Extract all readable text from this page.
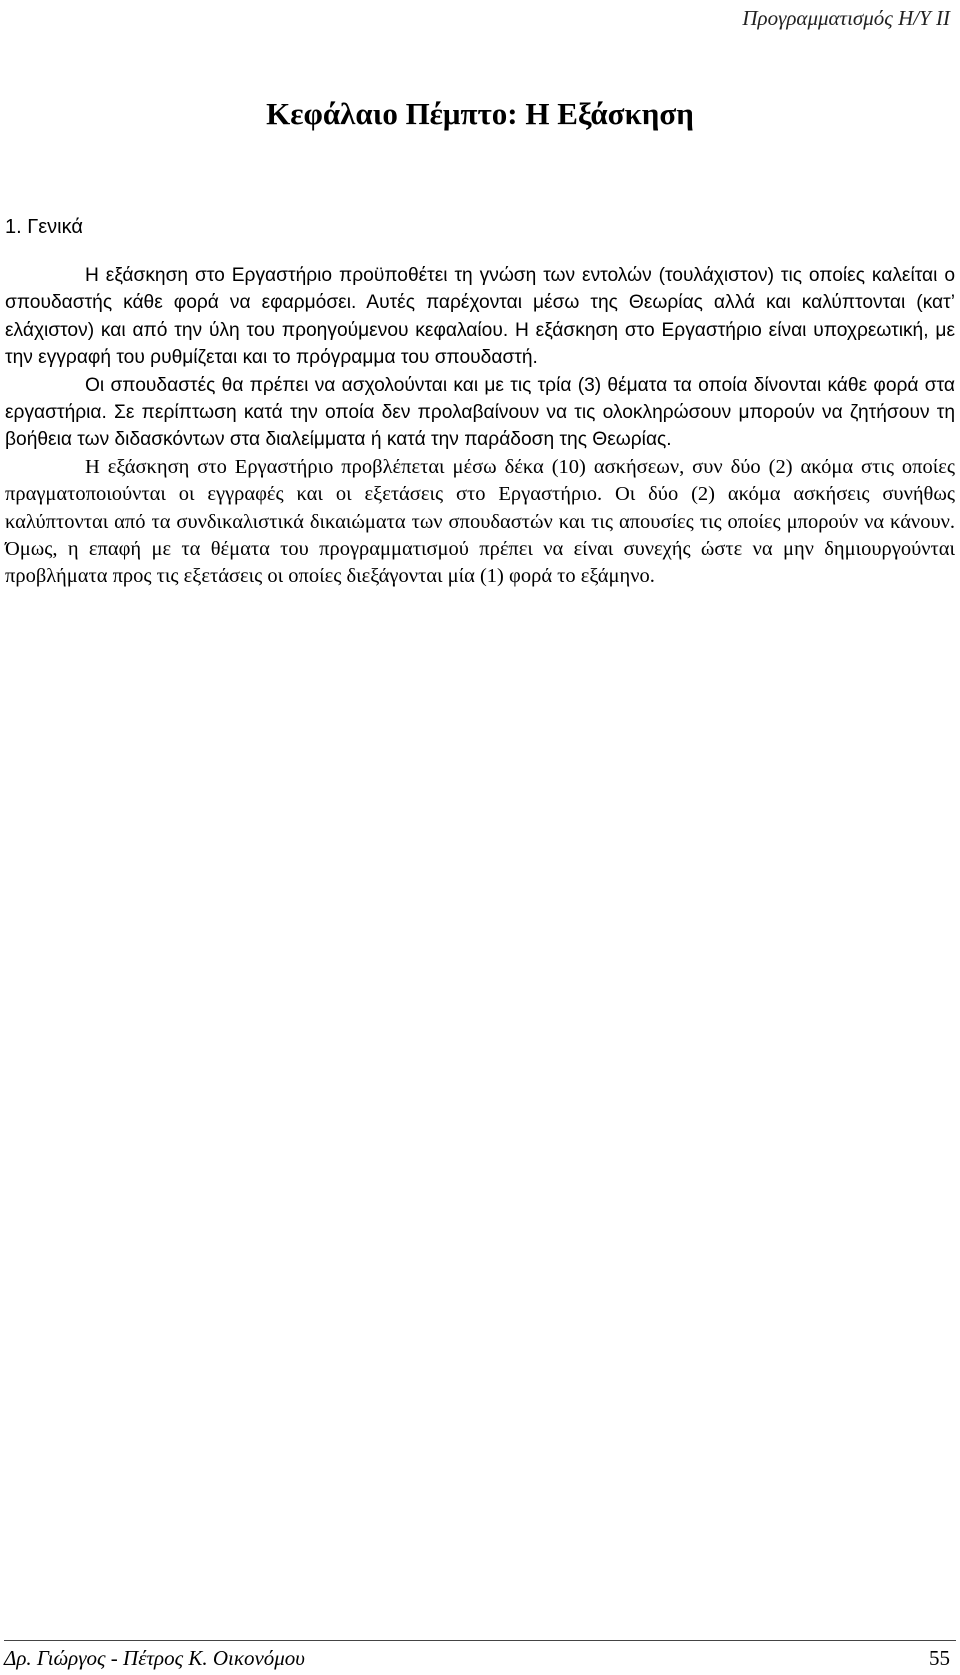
Προγραμματισμός Η/Υ ΙΙ
Κεφάλαιο Πέμπτο: Η Εξάσκηση
1. Γενικά

Η εξάσκηση στο Εργαστήριο προϋποθέτει τη γνώση των εντολών (τουλάχιστον) τις οποίες καλείται ο σπουδαστής κάθε φορά να εφαρμόσει. Αυτές παρέχονται μέσω της Θεωρίας αλλά και καλύπτονται (κατ’ ελάχιστον) και από την ύλη του προηγούμενου κεφαλαίου. Η εξάσκηση στο Εργαστήριο είναι υποχρεωτική, με την εγγραφή του ρυθμίζεται και το πρόγραμμα του σπουδαστή.

Οι σπουδαστές θα πρέπει να ασχολούνται και με τις τρία (3) θέματα τα οποία δίνονται κάθε φορά στα εργαστήρια. Σε περίπτωση κατά την οποία δεν προλαβαίνουν να τις ολοκληρώσουν μπορούν να ζητήσουν τη βοήθεια των διδασκόντων στα διαλείμματα ή κατά την παράδοση της Θεωρίας.

Η εξάσκηση στο Εργαστήριο προβλέπεται μέσω δέκα (10) ασκήσεων, συν δύο (2) ακόμα στις οποίες πραγματοποιούνται οι εγγραφές και οι εξετάσεις στο Εργαστήριο. Οι δύο (2) ακόμα ασκήσεις συνήθως καλύπτονται από τα συνδικαλιστικά δικαιώματα των σπουδαστών και τις απουσίες τις οποίες μπορούν να κάνουν. Όμως, η επαφή με τα θέματα του προγραμματισμού πρέπει να είναι συνεχής ώστε να μην δημιουργούνται προβλήματα προς τις εξετάσεις οι οποίες διεξάγονται μία (1) φορά το εξάμηνο.

Δρ. Γιώργος - Πέτρος Κ. Οικονόμου	55
